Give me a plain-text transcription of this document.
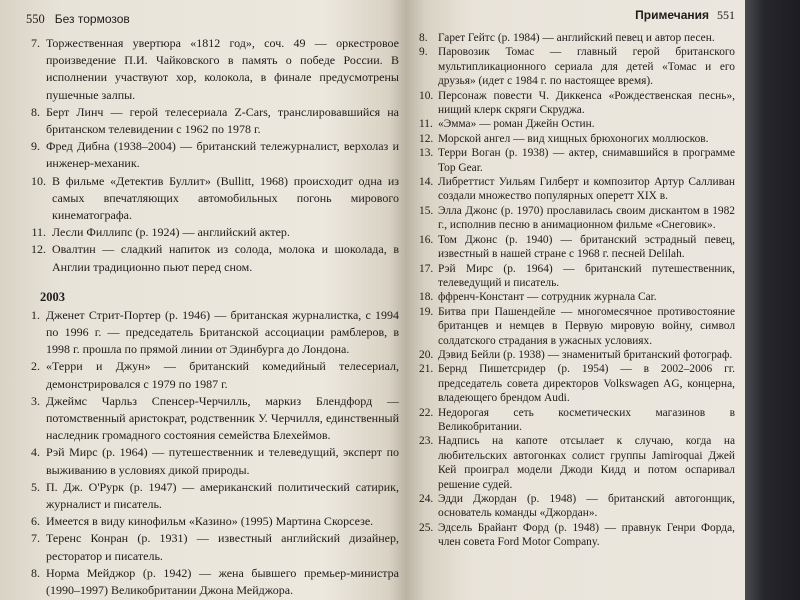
550 Без тормозов
7. Торжественная увертюра «1812 год», соч. 49 — оркестровое произведение П.И. Чайковского в память о победе России. В исполнении участвуют хор, колокола, в финале предусмотрены пушечные залпы.
8. Берт Линч — герой телесериала Z-Cars, транслировавшийся на британском телевидении с 1962 по 1978 г.
9. Фред Дибна (1938–2004) — британский тележурналист, верхолаз и инженер-механик.
10. В фильме «Детектив Буллит» (Bullitt, 1968) происходит одна из самых впечатляющих автомобильных погонь мирового кинематографа.
11. Лесли Филлипс (р. 1924) — английский актер.
12. Овалтин — сладкий напиток из солода, молока и шоколада, в Англии традиционно пьют перед сном.
2003
1. Дженет Стрит-Портер (р. 1946) — британская журналистка, с 1994 по 1996 г. — председатель Британской ассоциации рамблеров, в 1998 г. прошла по прямой линии от Эдинбурга до Лондона.
2. «Терри и Джун» — британский комедийный телесериал, демонстрировался с 1979 по 1987 г.
3. Джеймс Чарльз Спенсер-Черчилль, маркиз Блендфорд — потомственный аристократ, родственник У. Черчилля, единственный наследник громадного состояния семейства Блехеймов.
4. Рэй Мирс (р. 1964) — путешественник и телеведущий, эксперт по выживанию в условиях дикой природы.
5. П. Дж. О'Рурк (р. 1947) — американский политический сатирик, журналист и писатель.
6. Имеется в виду кинофильм «Казино» (1995) Мартина Скорсезе.
7. Теренс Конран (р. 1931) — известный английский дизайнер, ресторатор и писатель.
8. Норма Мейджор (р. 1942) — жена бывшего премьер-министра (1990–1997) Великобритании Джона Мейджора.
Примечания 551
8. Гарет Гейтс (р. 1984) — английский певец и автор песен.
9. Паровозик Томас — главный герой британского мультипликационного сериала для детей «Томас и его друзья» (идет с 1984 г. по настоящее время).
10. Персонаж повести Ч. Диккенса «Рождественская песнь», нищий клерк скряги Скруджа.
11. «Эмма» — роман Джейн Остин.
12. Морской ангел — вид хищных брюхоногих моллюсков.
13. Терри Воган (р. 1938) — актер, снимавшийся в программе Top Gear.
14. Либреттист Уильям Гилберт и композитор Артур Салливан создали множество популярных оперетт XIX в.
15. Элла Джонс (р. 1970) прославилась своим дискантом в 1982 г., исполнив песню в анимационном фильме «Снеговик».
16. Том Джонс (р. 1940) — британский эстрадный певец, известный в нашей стране с 1968 г. песней Delilah.
17. Рэй Мирс (р. 1964) — британский путешественник, телеведущий и писатель.
18. ффренч-Констант — сотрудник журнала Car.
19. Битва при Пашендейле — многомесячное противостояние британцев и немцев в Первую мировую войну, символ солдатского страдания в ужасных условиях.
20. Дэвид Бейли (р. 1938) — знаменитый британский фотограф.
21. Бернд Пишетсридер (р. 1954) — в 2002–2006 гг. председатель совета директоров Volkswagen AG, концерна, владеющего брендом Audi.
22. Недорогая сеть косметических магазинов в Великобритании.
23. Надпись на капоте отсылает к случаю, когда на любительских автогонках солист группы Jamiroquai Джей Кей проиграл модели Джоди Кидд и потом оспаривал решение судей.
24. Эдди Джордан (р. 1948) — британский автогонщик, основатель команды «Джордан».
25. Эдсель Брайант Форд (р. 1948) — правнук Генри Форда, член совета Ford Motor Company.
